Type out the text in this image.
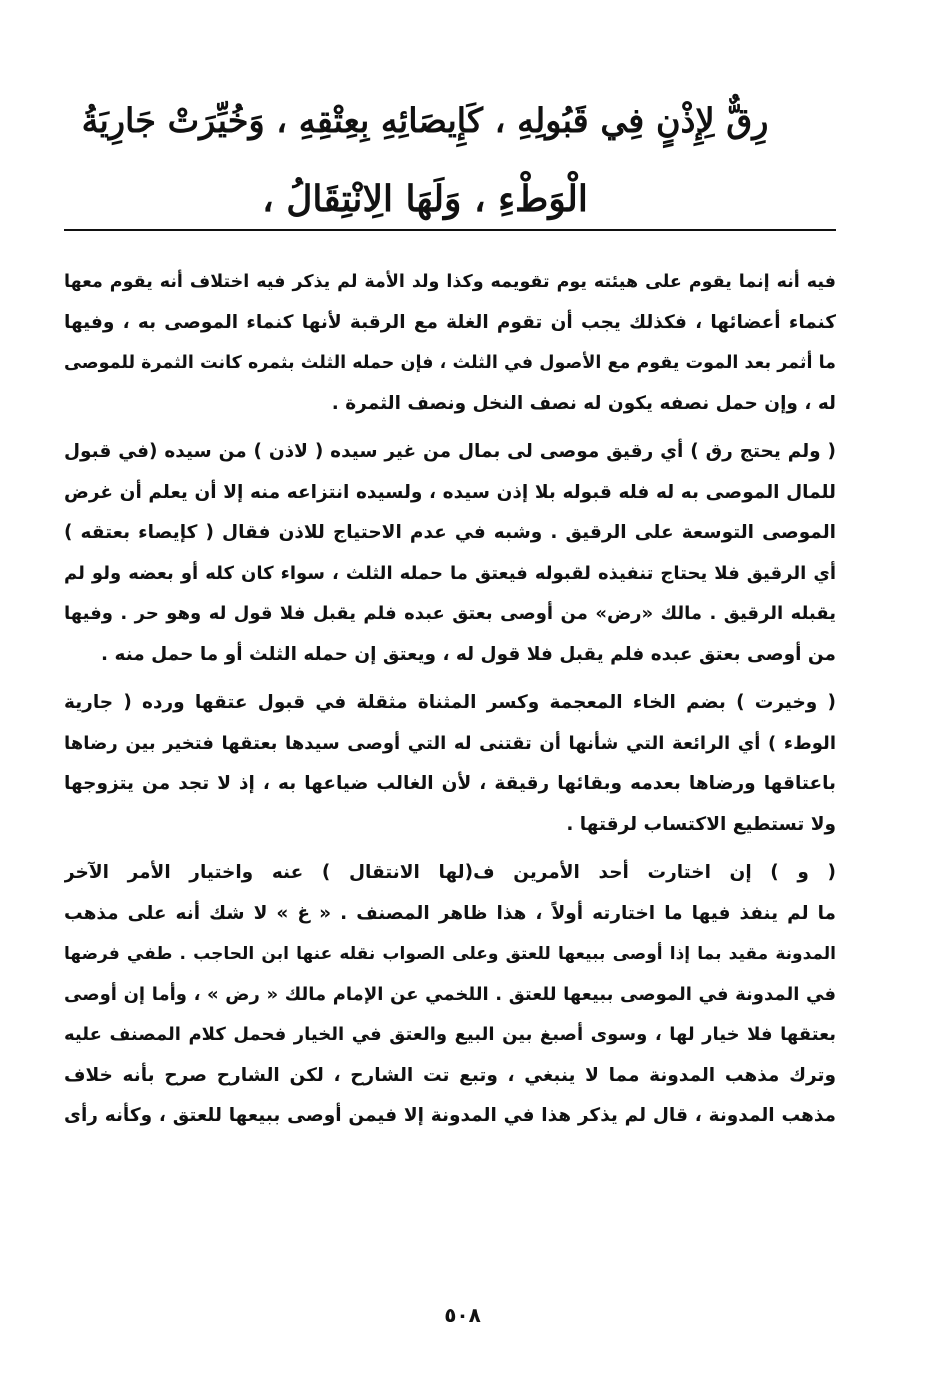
رِقٌّ لِإِذْنٍ فِي قَبُولِهِ ، كَإِيصَائِهِ بِعِتْقِهِ ، وَخُيِّرَتْ جَارِيَةُ
الْوَطْءِ ، وَلَهَا الِانْتِقَالُ ،
فيه أنه إنما يقوم على هيئته يوم تقويمه وكذا ولد الأمة لم يذكر فيه اختلاف أنه يقوم معها
كنماء أعضائها ، فكذلك يجب أن تقوم الغلة مع الرقبة لأنها كنماء الموصى به ، وفيها
ما أثمر بعد الموت يقوم مع الأصول في الثلث ، فإن حمله الثلث بثمره كانت الثمرة للموصى
له ، وإن حمل نصفه يكون له نصف النخل ونصف الثمرة .
( ولم يحتج رق ) أي رقيق موصى لى بمال من غير سيده ( لاذن ) من سيده (في قبول
للمال الموصى به له فله قبوله بلا إذن سيده ، ولسيده انتزاعه منه إلا أن يعلم أن غرض
الموصى التوسعة على الرقيق . وشبه في عدم الاحتياج للاذن فقال ( كإيصاء بعتقه )
أي الرقيق فلا يحتاج تنفيذه لقبوله فيعتق ما حمله الثلث ، سواء كان كله أو بعضه ولو لم
يقبله الرقيق . مالك «رض» من أوصى بعتق عبده فلم يقبل فلا قول له وهو حر . وفيها
من أوصى بعتق عبده فلم يقبل فلا قول له ، ويعتق إن حمله الثلث أو ما حمل منه .
( وخيرت ) بضم الخاء المعجمة وكسر المثناة مثقلة في قبول عتقها ورده ( جارية
الوطء ) أي الرائعة التي شأنها أن تقتنى له التي أوصى سيدها بعتقها فتخير بين رضاها
باعتاقها ورضاها بعدمه وبقائها رقيقة ، لأن الغالب ضياعها به ، إذ لا تجد من يتزوجها
ولا تستطيع الاكتساب لرقتها .
( و ) إن اختارت أحد الأمرين ف(لها الانتقال ) عنه واختيار الأمر الآخر
ما لم ينفذ فيها ما اختارته أولاً ، هذا ظاهر المصنف . « غ » لا شك أنه على مذهب
المدونة مقيد بما إذا أوصى ببيعها للعتق وعلى الصواب نقله عنها ابن الحاجب . طفي فرضها
في المدونة في الموصى ببيعها للعتق . اللخمي عن الإمام مالك « رض » ، وأما إن أوصى
بعتقها فلا خيار لها ، وسوى أصبغ بين البيع والعتق في الخيار فحمل كلام المصنف عليه
وترك مذهب المدونة مما لا ينبغي ، وتبع تت الشارح ، لكن الشارح صرح بأنه خلاف
مذهب المدونة ، قال لم يذكر هذا في المدونة إلا فيمن أوصى ببيعها للعتق ، وكأنه رأى
٥٠٨
